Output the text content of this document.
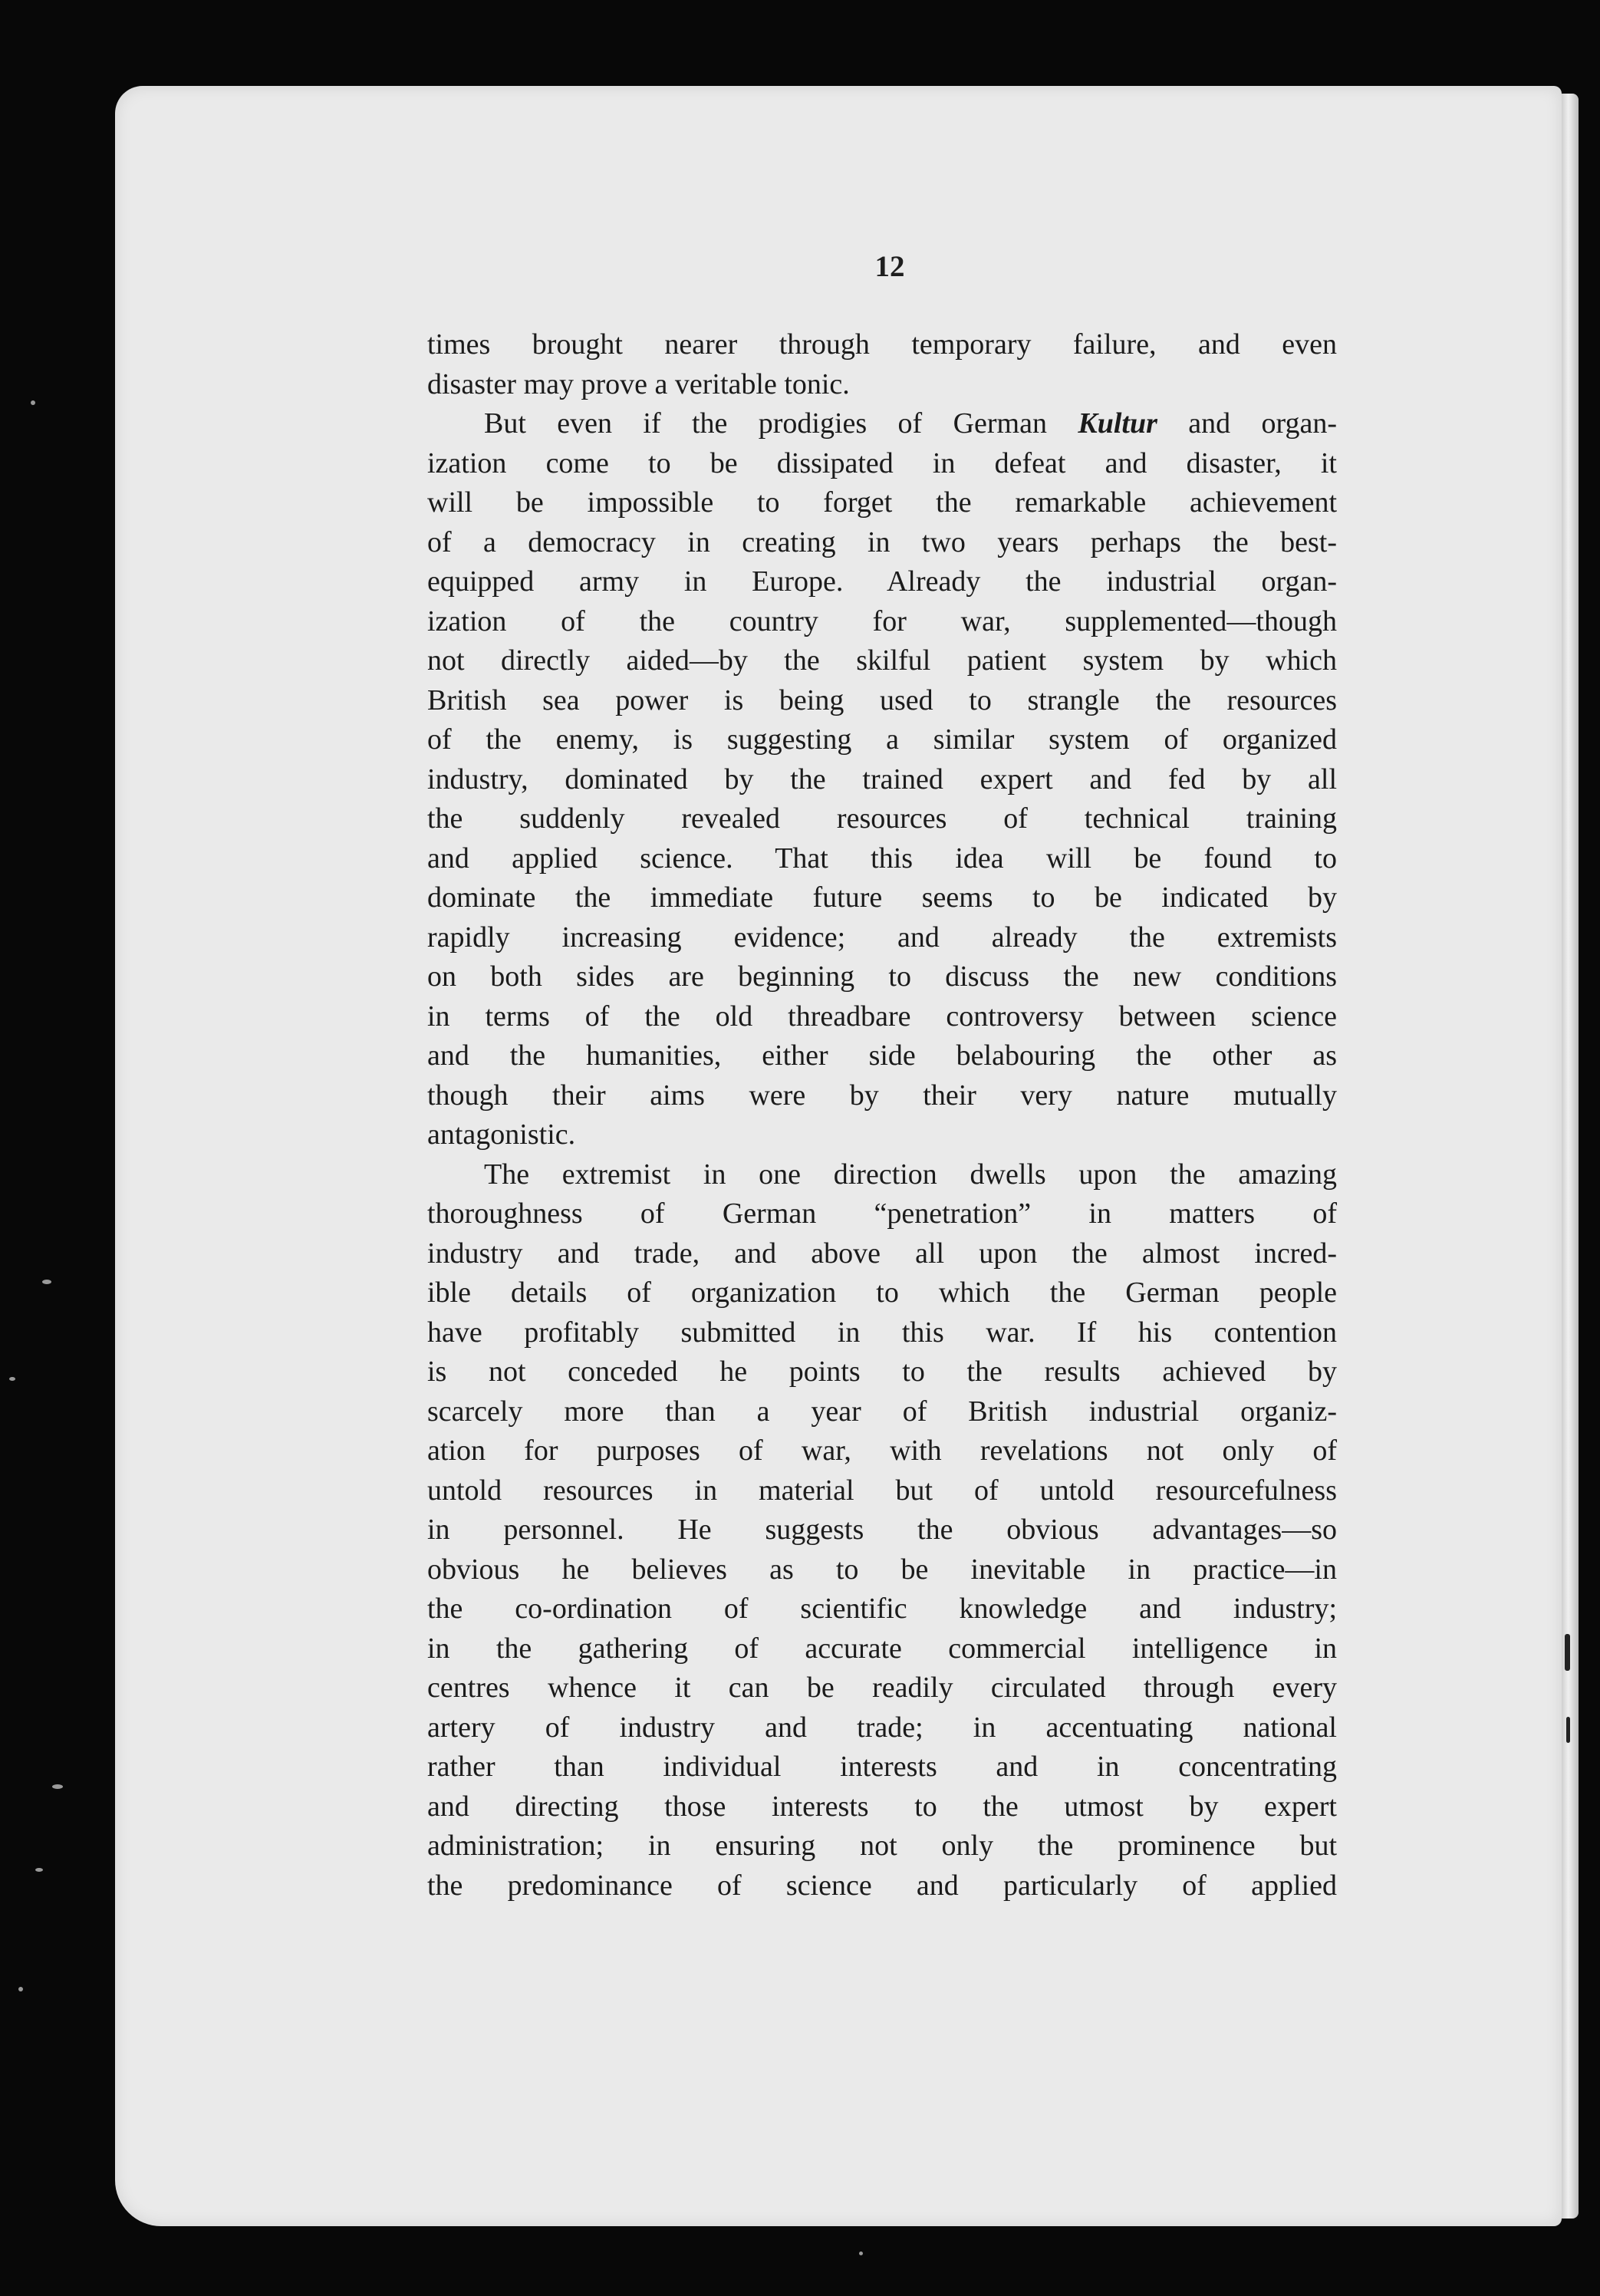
12
times brought nearer through temporary failure, and even
disaster may prove a veritable tonic.
But even if the prodigies of German Kultur and organ-
ization come to be dissipated in defeat and disaster, it
will be impossible to forget the remarkable achievement
of a democracy in creating in two years perhaps the best-
equipped army in Europe. Already the industrial organ-
ization of the country for war, supplemented—though
not directly aided—by the skilful patient system by which
British sea power is being used to strangle the resources
of the enemy, is suggesting a similar system of organized
industry, dominated by the trained expert and fed by all
the suddenly revealed resources of technical training
and applied science. That this idea will be found to
dominate the immediate future seems to be indicated by
rapidly increasing evidence; and already the extremists
on both sides are beginning to discuss the new conditions
in terms of the old threadbare controversy between science
and the humanities, either side belabouring the other as
though their aims were by their very nature mutually
antagonistic.
The extremist in one direction dwells upon the amazing
thoroughness of German “penetration” in matters of
industry and trade, and above all upon the almost incred-
ible details of organization to which the German people
have profitably submitted in this war. If his contention
is not conceded he points to the results achieved by
scarcely more than a year of British industrial organiz-
ation for purposes of war, with revelations not only of
untold resources in material but of untold resourcefulness
in personnel. He suggests the obvious advantages—so
obvious he believes as to be inevitable in practice—in
the co-ordination of scientific knowledge and industry;
in the gathering of accurate commercial intelligence in
centres whence it can be readily circulated through every
artery of industry and trade; in accentuating national
rather than individual interests and in concentrating
and directing those interests to the utmost by expert
administration; in ensuring not only the prominence but
the predominance of science and particularly of applied
